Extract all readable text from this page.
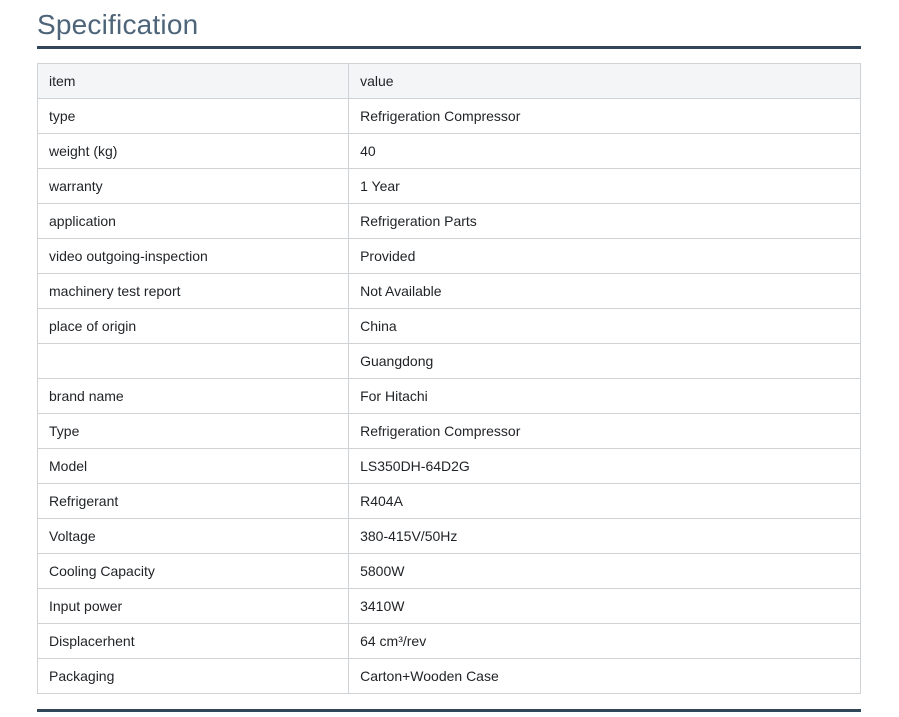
Specification
item	value
type	Refrigeration Compressor
weight (kg)	40
warranty	1 Year
application	Refrigeration Parts
video outgoing-inspection	Provided
machinery test report	Not Available
place of origin	China
	Guangdong
brand name	For Hitachi
Type	Refrigeration Compressor
Model	LS350DH-64D2G
Refrigerant	R404A
Voltage	380-415V/50Hz
Cooling Capacity	5800W
Input power	3410W
Displacerhent	64 cm³/rev
Packaging	Carton+Wooden Case
